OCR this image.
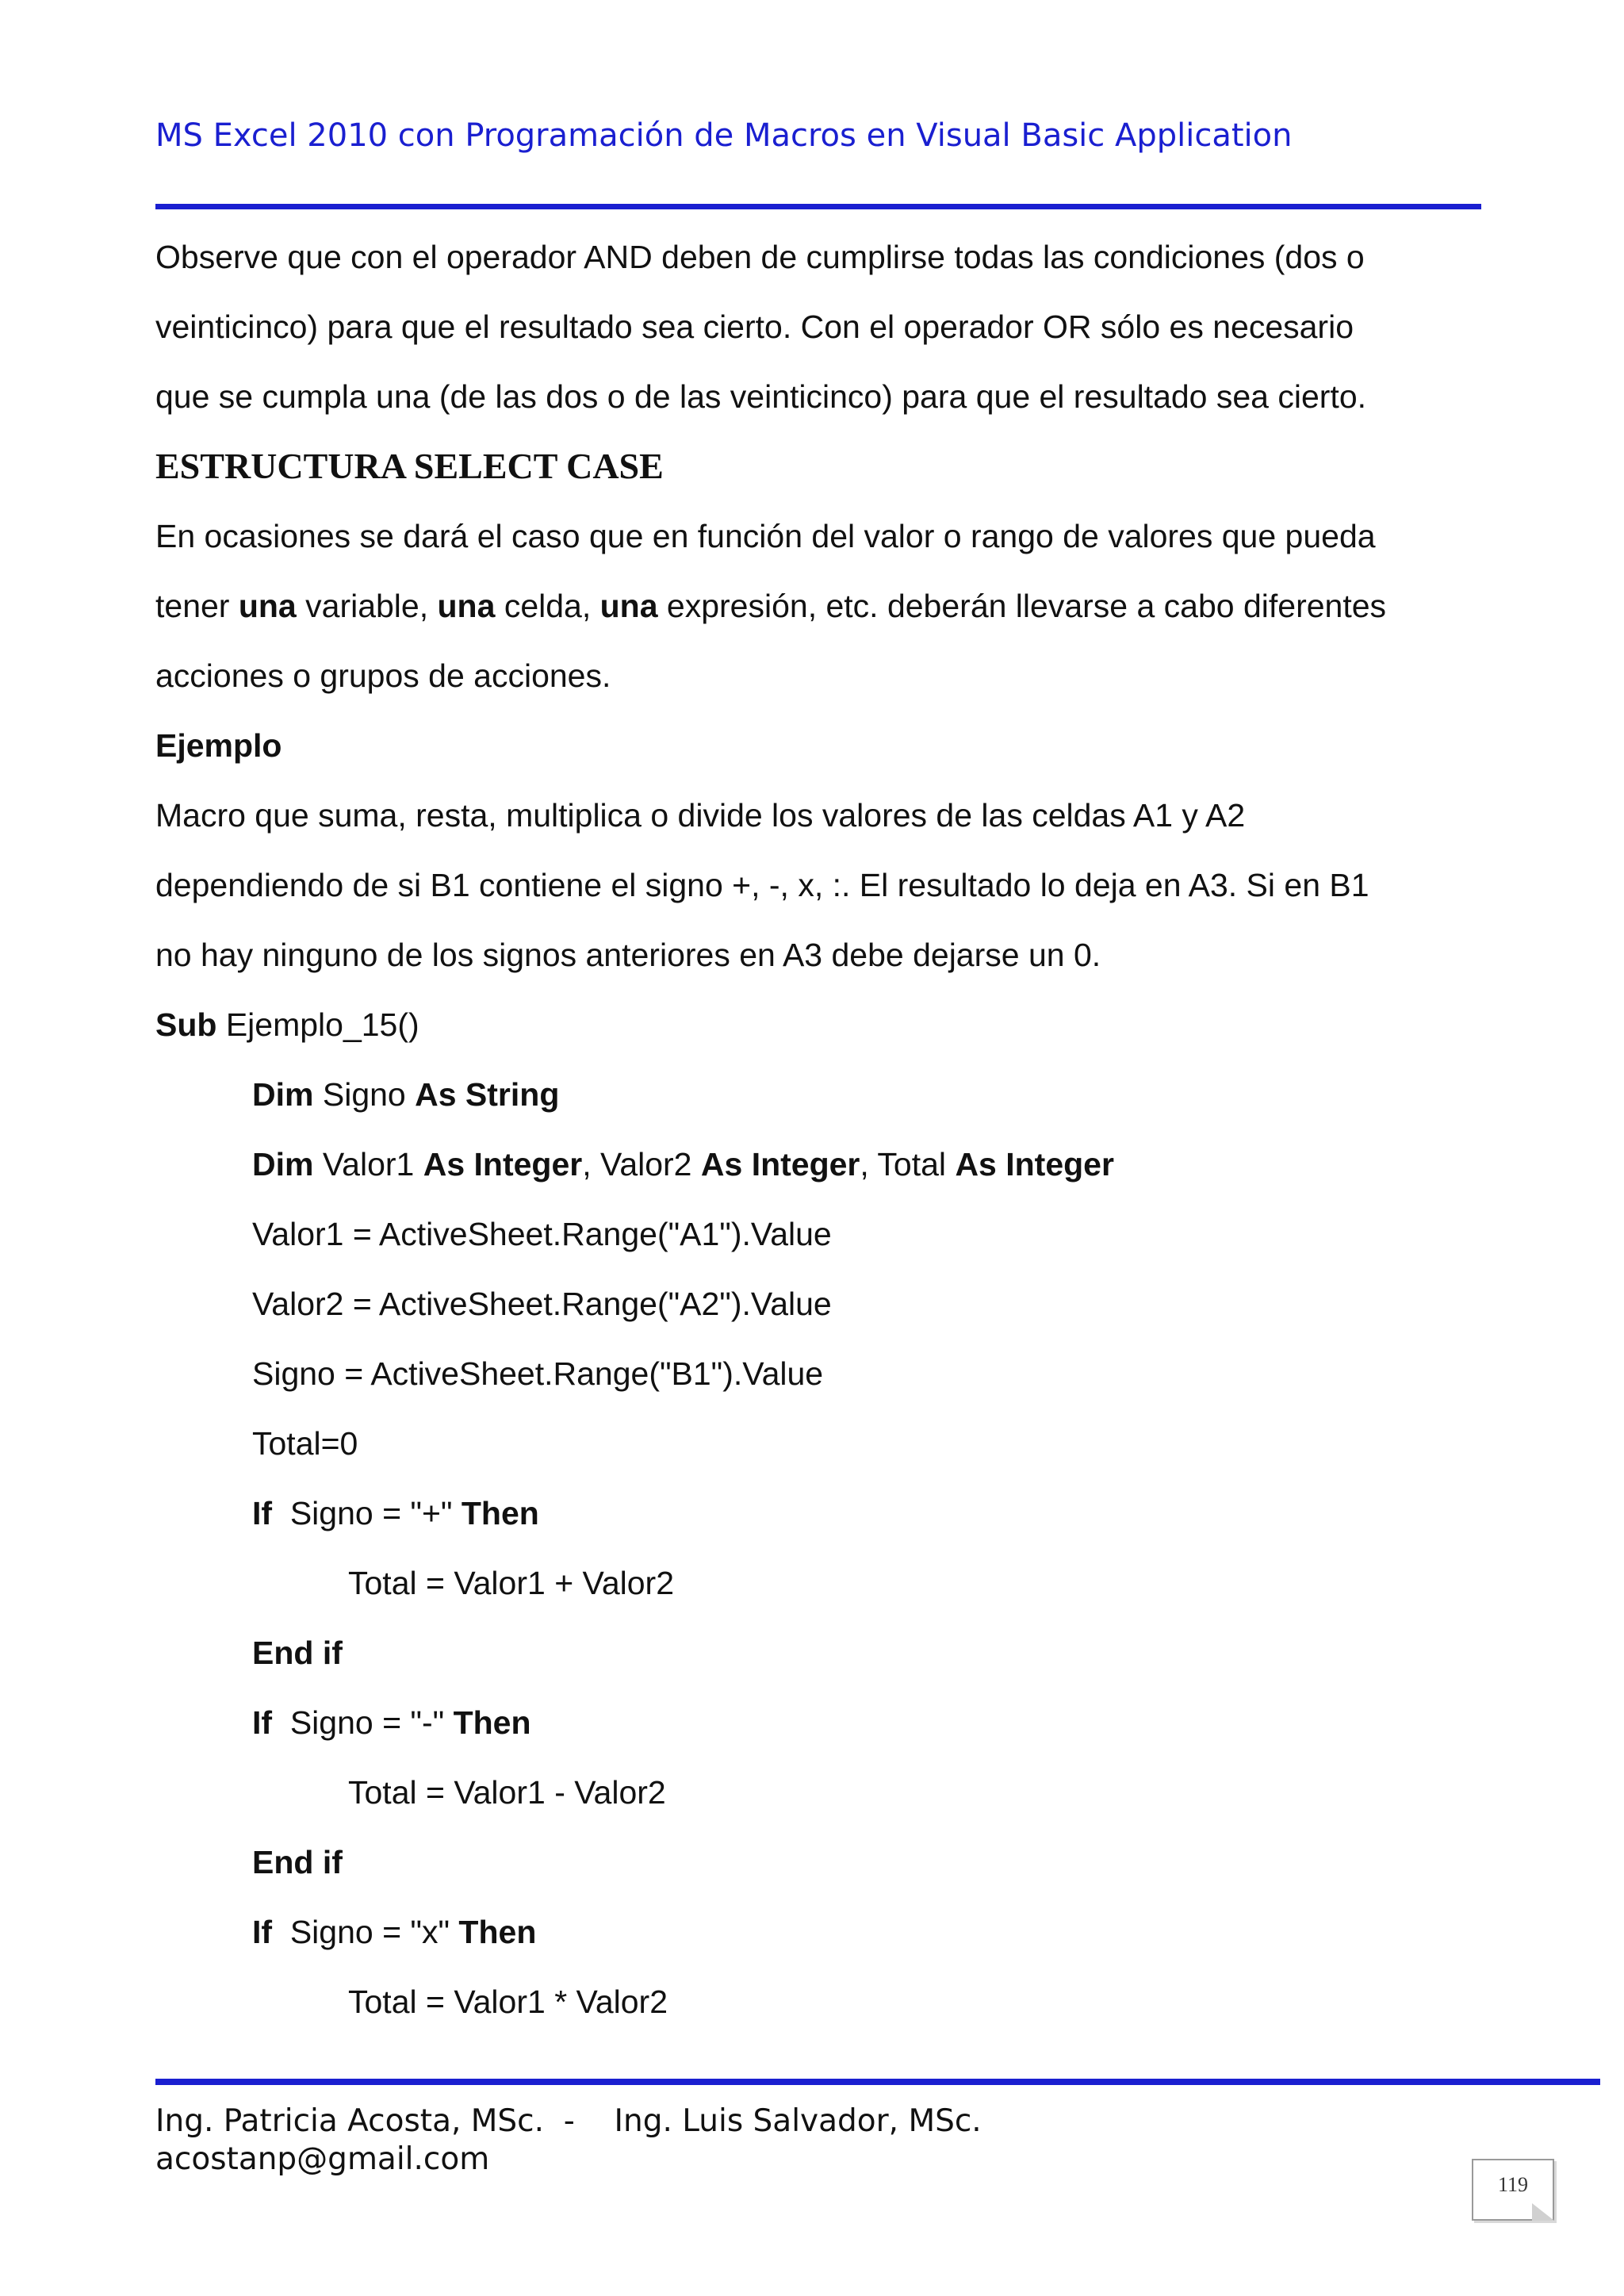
MS Excel 2010 con Programación de Macros en Visual Basic Application

Observe que con el operador AND deben de cumplirse todas las condiciones (dos o

veinticinco) para que el resultado sea cierto. Con el operador OR sólo es necesario

que se cumpla una (de las dos o de las veinticinco) para que el resultado sea cierto.

ESTRUCTURA SELECT CASE

En ocasiones se dará el caso que en función del valor o rango de valores que pueda

tener una variable, una celda, una expresión, etc. deberán llevarse a cabo diferentes

acciones o grupos de acciones.

Ejemplo

Macro que suma, resta, multiplica o divide los valores de las celdas A1 y A2

dependiendo de si B1 contiene el signo +, -, x, :. El resultado lo deja en A3. Si en B1

no hay ninguno de los signos anteriores en A3 debe dejarse un 0.

Sub Ejemplo_15()

Dim Signo As String

Dim Valor1 As Integer, Valor2 As Integer, Total As Integer

Valor1 = ActiveSheet.Range("A1").Value

Valor2 = ActiveSheet.Range("A2").Value

Signo = ActiveSheet.Range("B1").Value

Total=0

If  Signo = "+" Then

Total = Valor1 + Valor2

End if

If  Signo = "-" Then

Total = Valor1 - Valor2

End if

If  Signo = "x" Then

Total = Valor1 * Valor2

Ing. Patricia Acosta, MSc.  -    Ing. Luis Salvador, MSc.
acostanp@gmail.com
119
